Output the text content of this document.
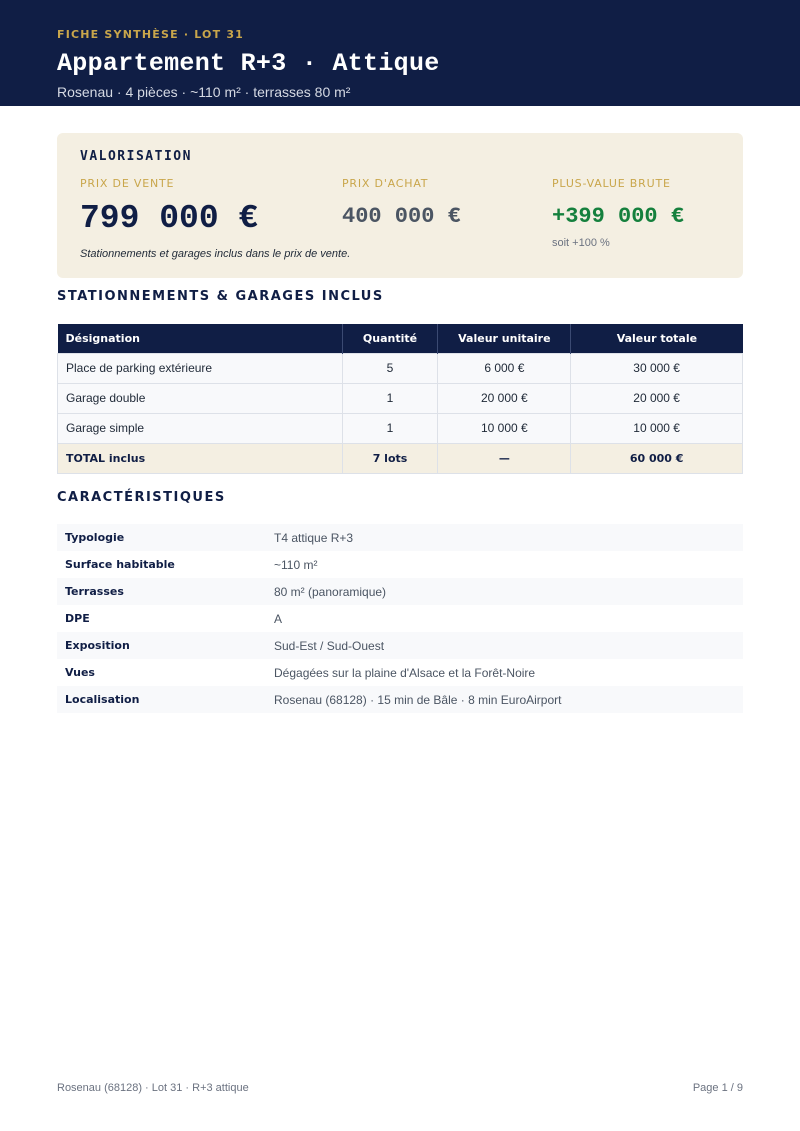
FICHE SYNTHÈSE · LOT 31
Appartement R+3 · Attique
Rosenau · 4 pièces · ~110 m² · terrasses 80 m²
VALORISATION
PRIX DE VENTE
799 000 €
PRIX D'ACHAT
400 000 €
PLUS-VALUE BRUTE
+399 000 €
soit +100 %
Stationnements et garages inclus dans le prix de vente.
STATIONNEMENTS & GARAGES INCLUS
Désignation	Quantité	Valeur unitaire	Valeur totale
Place de parking extérieure	5	6 000 €	30 000 €
Garage double	1	20 000 €	20 000 €
Garage simple	1	10 000 €	10 000 €
TOTAL inclus	7 lots	—	60 000 €
CARACTÉRISTIQUES
Typologie	T4 attique R+3
Surface habitable	~110 m²
Terrasses	80 m² (panoramique)
DPE	A
Exposition	Sud-Est / Sud-Ouest
Vues	Dégagées sur la plaine d'Alsace et la Forêt-Noire
Localisation	Rosenau (68128) · 15 min de Bâle · 8 min EuroAirport
Rosenau (68128) · Lot 31 · R+3 attique	Page 1 / 9
